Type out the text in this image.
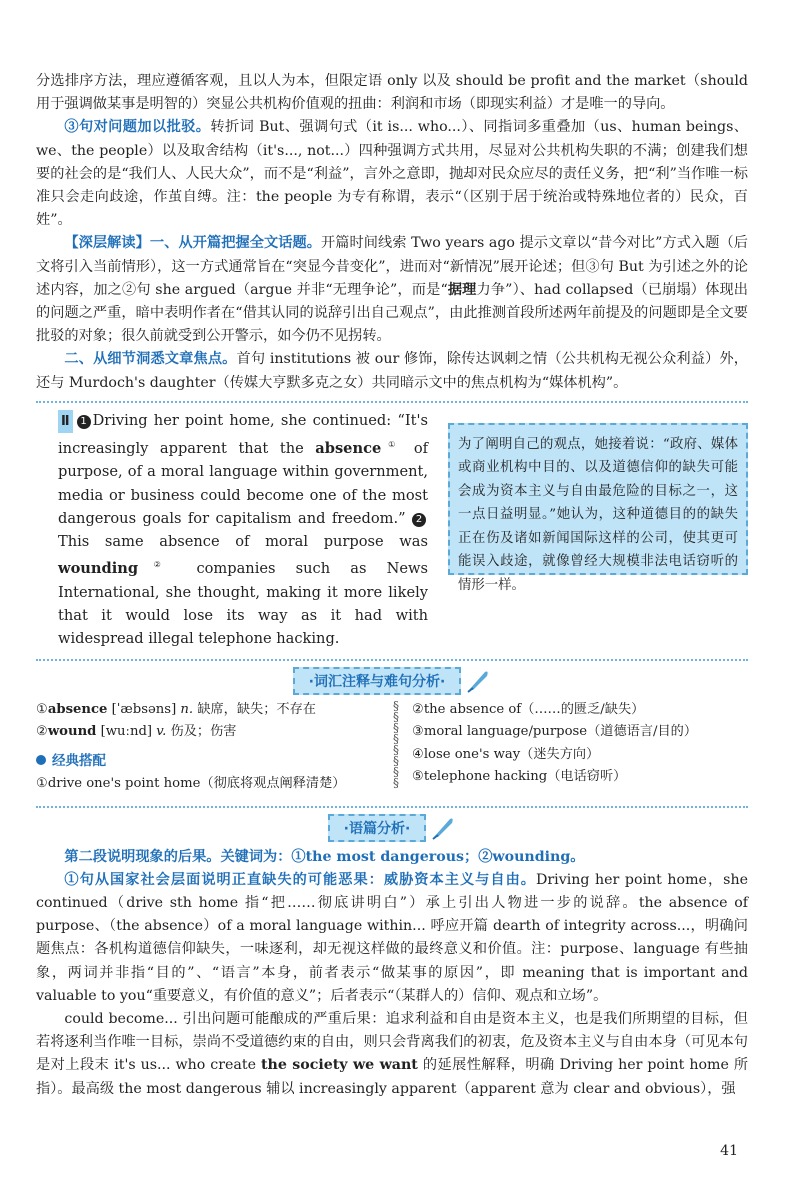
分选排序方法，理应遵循客观，且以人为本，但限定语 only 以及 should be profit and the market（should 用于强调做某事是明智的）突显公共机构价值观的扭曲：利润和市场（即现实利益）才是唯一的导向。

③句对问题加以批驳。转折词 But、强调句式（it is... who...）、同指词多重叠加（us、human beings、we、the people）以及取舍结构（it's..., not...）四种强调方式共用，尽显对公共机构失职的不满；创建我们想要的社会的是“我们人、人民大众”，而不是“利益”，言外之意即，抛却对民众应尽的责任义务，把“利”当作唯一标准只会走向歧途，作茧自缚。注：the people 为专有称谓，表示“（区别于居于统治或特殊地位者的）民众，百姓”。

【深层解读】一、从开篇把握全文话题。开篇时间线索 Two years ago 提示文章以“昔今对比”方式入题（后文将引入当前情形），这一方式通常旨在“突显今昔变化”，进而对“新情况”展开论述；但③句 But 为引述之外的论述内容，加之②句 she argued（argue 并非“无理争论”，而是“据理力争”）、had collapsed（已崩塌）体现出的问题之严重，暗中表明作者在“借其认同的说辞引出自己观点”，由此推测首段所述两年前提及的问题即是全文要批驳的对象；很久前就受到公开警示，如今仍不见拐转。

二、从细节洞悉文章焦点。首句 institutions 被 our 修饰，除传达讽刺之情（公共机构无视公众利益）外，还与 Murdoch's daughter（传媒大亨默多克之女）共同暗示文中的焦点机构为“媒体机构”。

Ⅱ 1 Driving her point home, she continued: “It's increasingly apparent that the absence① of purpose, of a moral language within government, media or business could become one of the most dangerous goals for capitalism and freedom.” 2This same absence of moral purpose was wounding② companies such as News International, she thought, making it more likely that it would lose its way as it had with widespread illegal telephone hacking.
为了阐明自己的观点，她接着说：“政府、媒体或商业机构中目的、以及道德信仰的缺失可能会成为资本主义与自由最危险的目标之一，这一点日益明显。”她认为，这种道德目的的缺失正在伤及诸如新闻国际这样的公司，使其更可能误入歧途，就像曾经大规模非法电话窃听的情形一样。
·词汇注释与难句分析·
①absence [ˈæbsəns] n. 缺席，缺失；不存在
②wound [wuːnd] v. 伤及；伤害
经典搭配
①drive one's point home（彻底将观点阐释清楚）
§
§
§
§
§
§
§
§
②the absence of（……的匮乏/缺失）
③moral language/purpose（道德语言/目的）
④lose one's way（迷失方向）
⑤telephone hacking（电话窃听）
·语篇分析·

第二段说明现象的后果。关键词为：①the most dangerous；②wounding。

①句从国家社会层面说明正直缺失的可能恶果：威胁资本主义与自由。Driving her point home，she continued（drive sth home 指“把……彻底讲明白”）承上引出人物进一步的说辞。the absence of purpose、（the absence）of a moral language within... 呼应开篇 dearth of integrity across...，明确问题焦点：各机构道德信仰缺失，一味逐利，却无视这样做的最终意义和价值。注：purpose、language 有些抽象，两词并非指“目的”、“语言”本身，前者表示“做某事的原因”，即 meaning that is important and valuable to you“重要意义，有价值的意义”；后者表示“（某群人的）信仰、观点和立场”。

could become... 引出问题可能酿成的严重后果：追求利益和自由是资本主义，也是我们所期望的目标，但若将逐利当作唯一目标，崇尚不受道德约束的自由，则只会背离我们的初衷，危及资本主义与自由本身（可见本句是对上段末 it's us... who create the society we want 的延展性解释，明确 Driving her point home 所指）。最高级 the most dangerous 辅以 increasingly apparent（apparent 意为 clear and obvious），强

41
